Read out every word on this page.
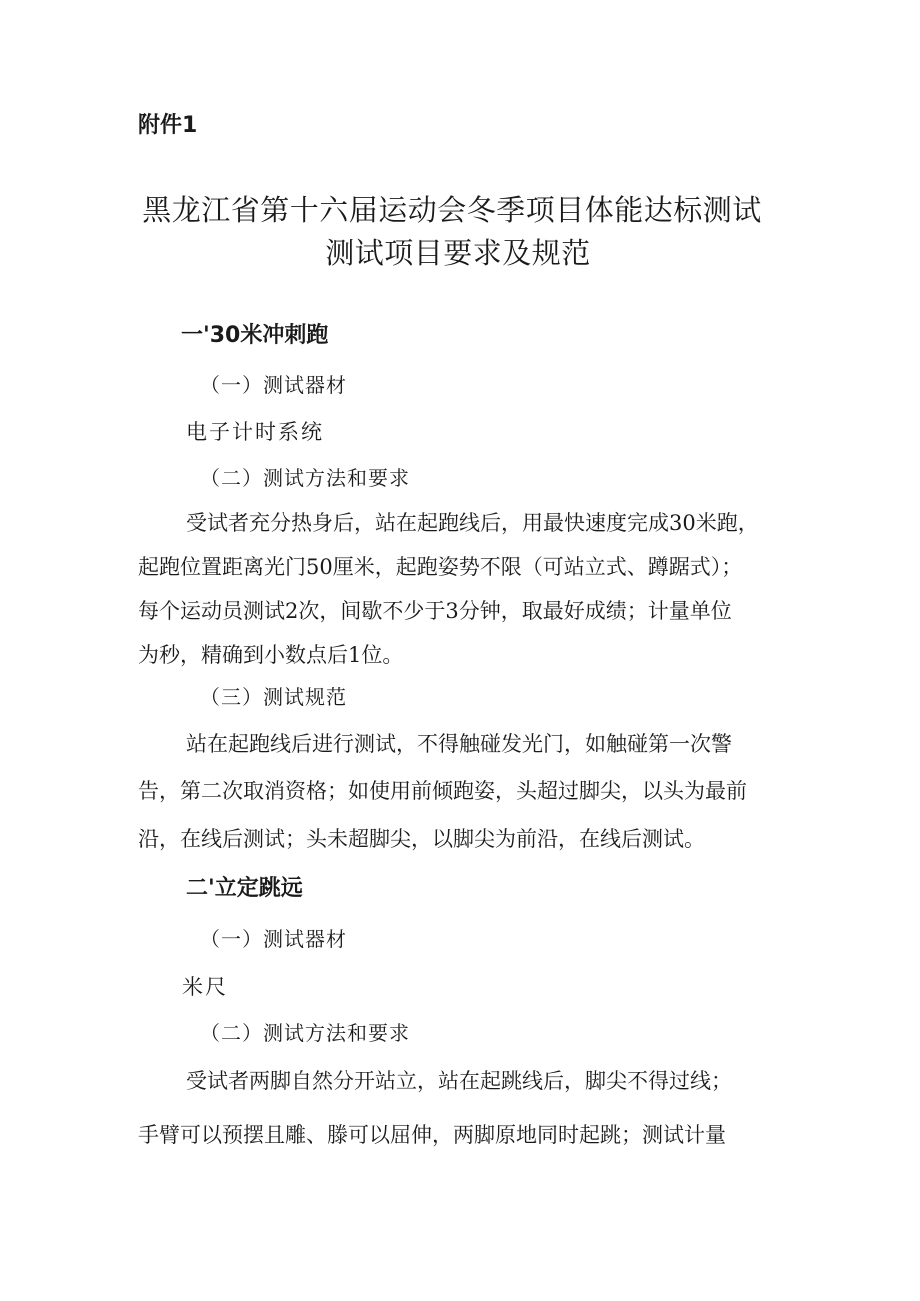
附件1
黑龙江省第十六届运动会冬季项目体能达标测试
测试项目要求及规范
一'30米冲刺跑
（一）测试器材
电子计时系统
（二）测试方法和要求
受试者充分热身后，站在起跑线后，用最快速度完成30米跑，
起跑位置距离光门50厘米，起跑姿势不限（可站立式、蹲踞式）；
每个运动员测试2次，间歇不少于3分钟，取最好成绩；计量单位
为秒，精确到小数点后1位。
（三）测试规范
站在起跑线后进行测试，不得触碰发光门，如触碰第一次警
告，第二次取消资格；如使用前倾跑姿，头超过脚尖，以头为最前
沿，在线后测试；头未超脚尖，以脚尖为前沿，在线后测试。
二'立定跳远
（一）测试器材
米尺
（二）测试方法和要求
受试者两脚自然分开站立，站在起跳线后，脚尖不得过线；
手臂可以预摆且雕、滕可以屈伸，两脚原地同时起跳；测试计量
